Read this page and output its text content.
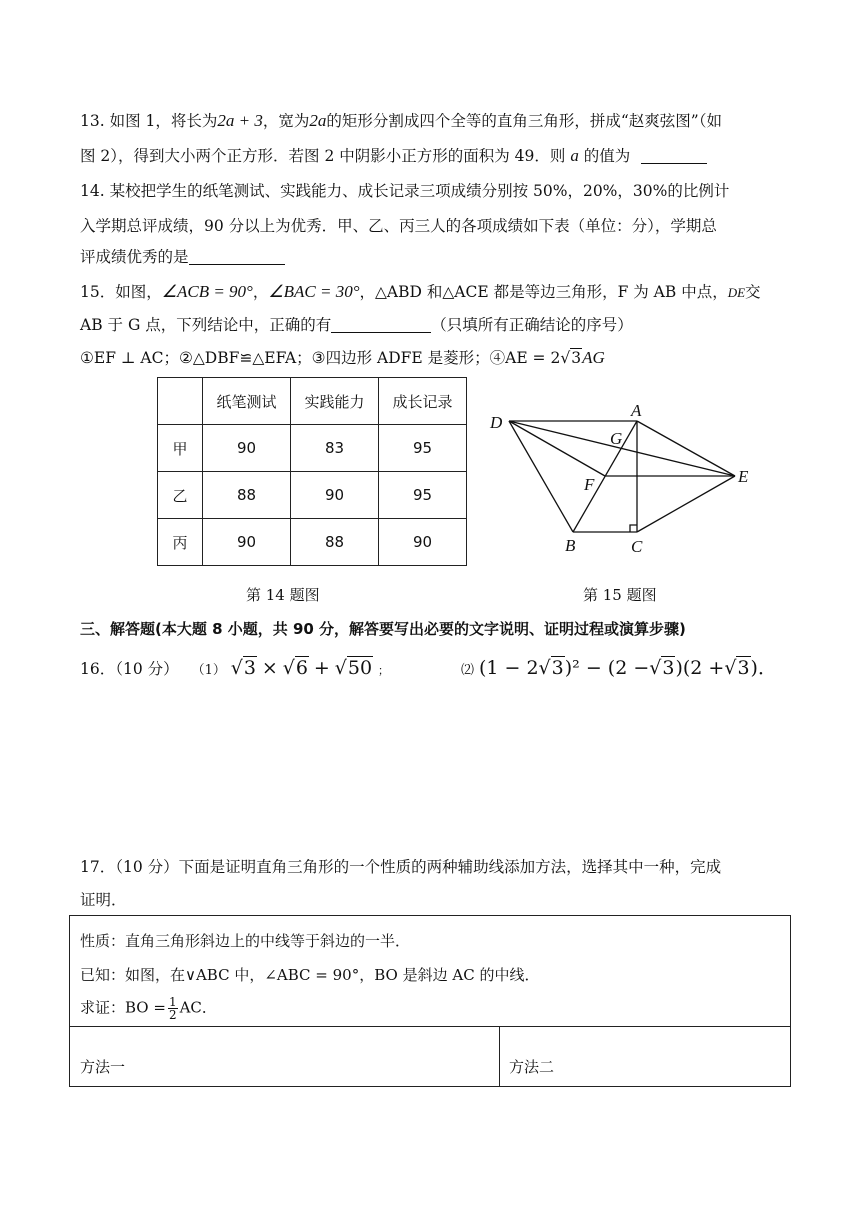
13. 如图 1，将长为2a + 3，宽为2a的矩形分割成四个全等的直角三角形，拼成“赵爽弦图”（如
图 2），得到大小两个正方形．若图 2 中阴影小正方形的面积为 49．则 a 的值为
14. 某校把学生的纸笔测试、实践能力、成长记录三项成绩分别按 50%，20%，30%的比例计
入学期总评成绩，90 分以上为优秀．甲、乙、丙三人的各项成绩如下表（单位：分），学期总
评成绩优秀的是
15．如图，∠ACB = 90°，∠BAC = 30°，△ABD 和△ACE 都是等边三角形，F 为 AB 中点，DE交
AB 于 G 点，下列结论中，正确的有	（只填所有正确结论的序号）
①EF ⊥ AC；②△DBF≌△EFA；③四边形 ADFE 是菱形；④AE = 2√3AG
	纸笔测试	实践能力	成长记录
甲	90	83	95
乙	88	90	95
丙	90	88	90
A
B	C
D
E
F
G
第 14 题图	第 15 题图
三、解答题(本大题 8 小题，共 90 分，解答要写出必要的文字说明、证明过程或演算步骤)
16．（10 分） （1） √3 × √6 + √50 ；	⑵ (1 − 2√3)² − (2 −√3)(2 +√3)．
17．（10 分）下面是证明直角三角形的一个性质的两种辅助线添加方法，选择其中一种，完成
证明．
性质：直角三角形斜边上的中线等于斜边的一半．
已知：如图，在∨ABC 中，∠ABC = 90°，BO 是斜边 AC 的中线．
求证：BO = $\frac{1}{2}$ AC．
方法一	方法二
